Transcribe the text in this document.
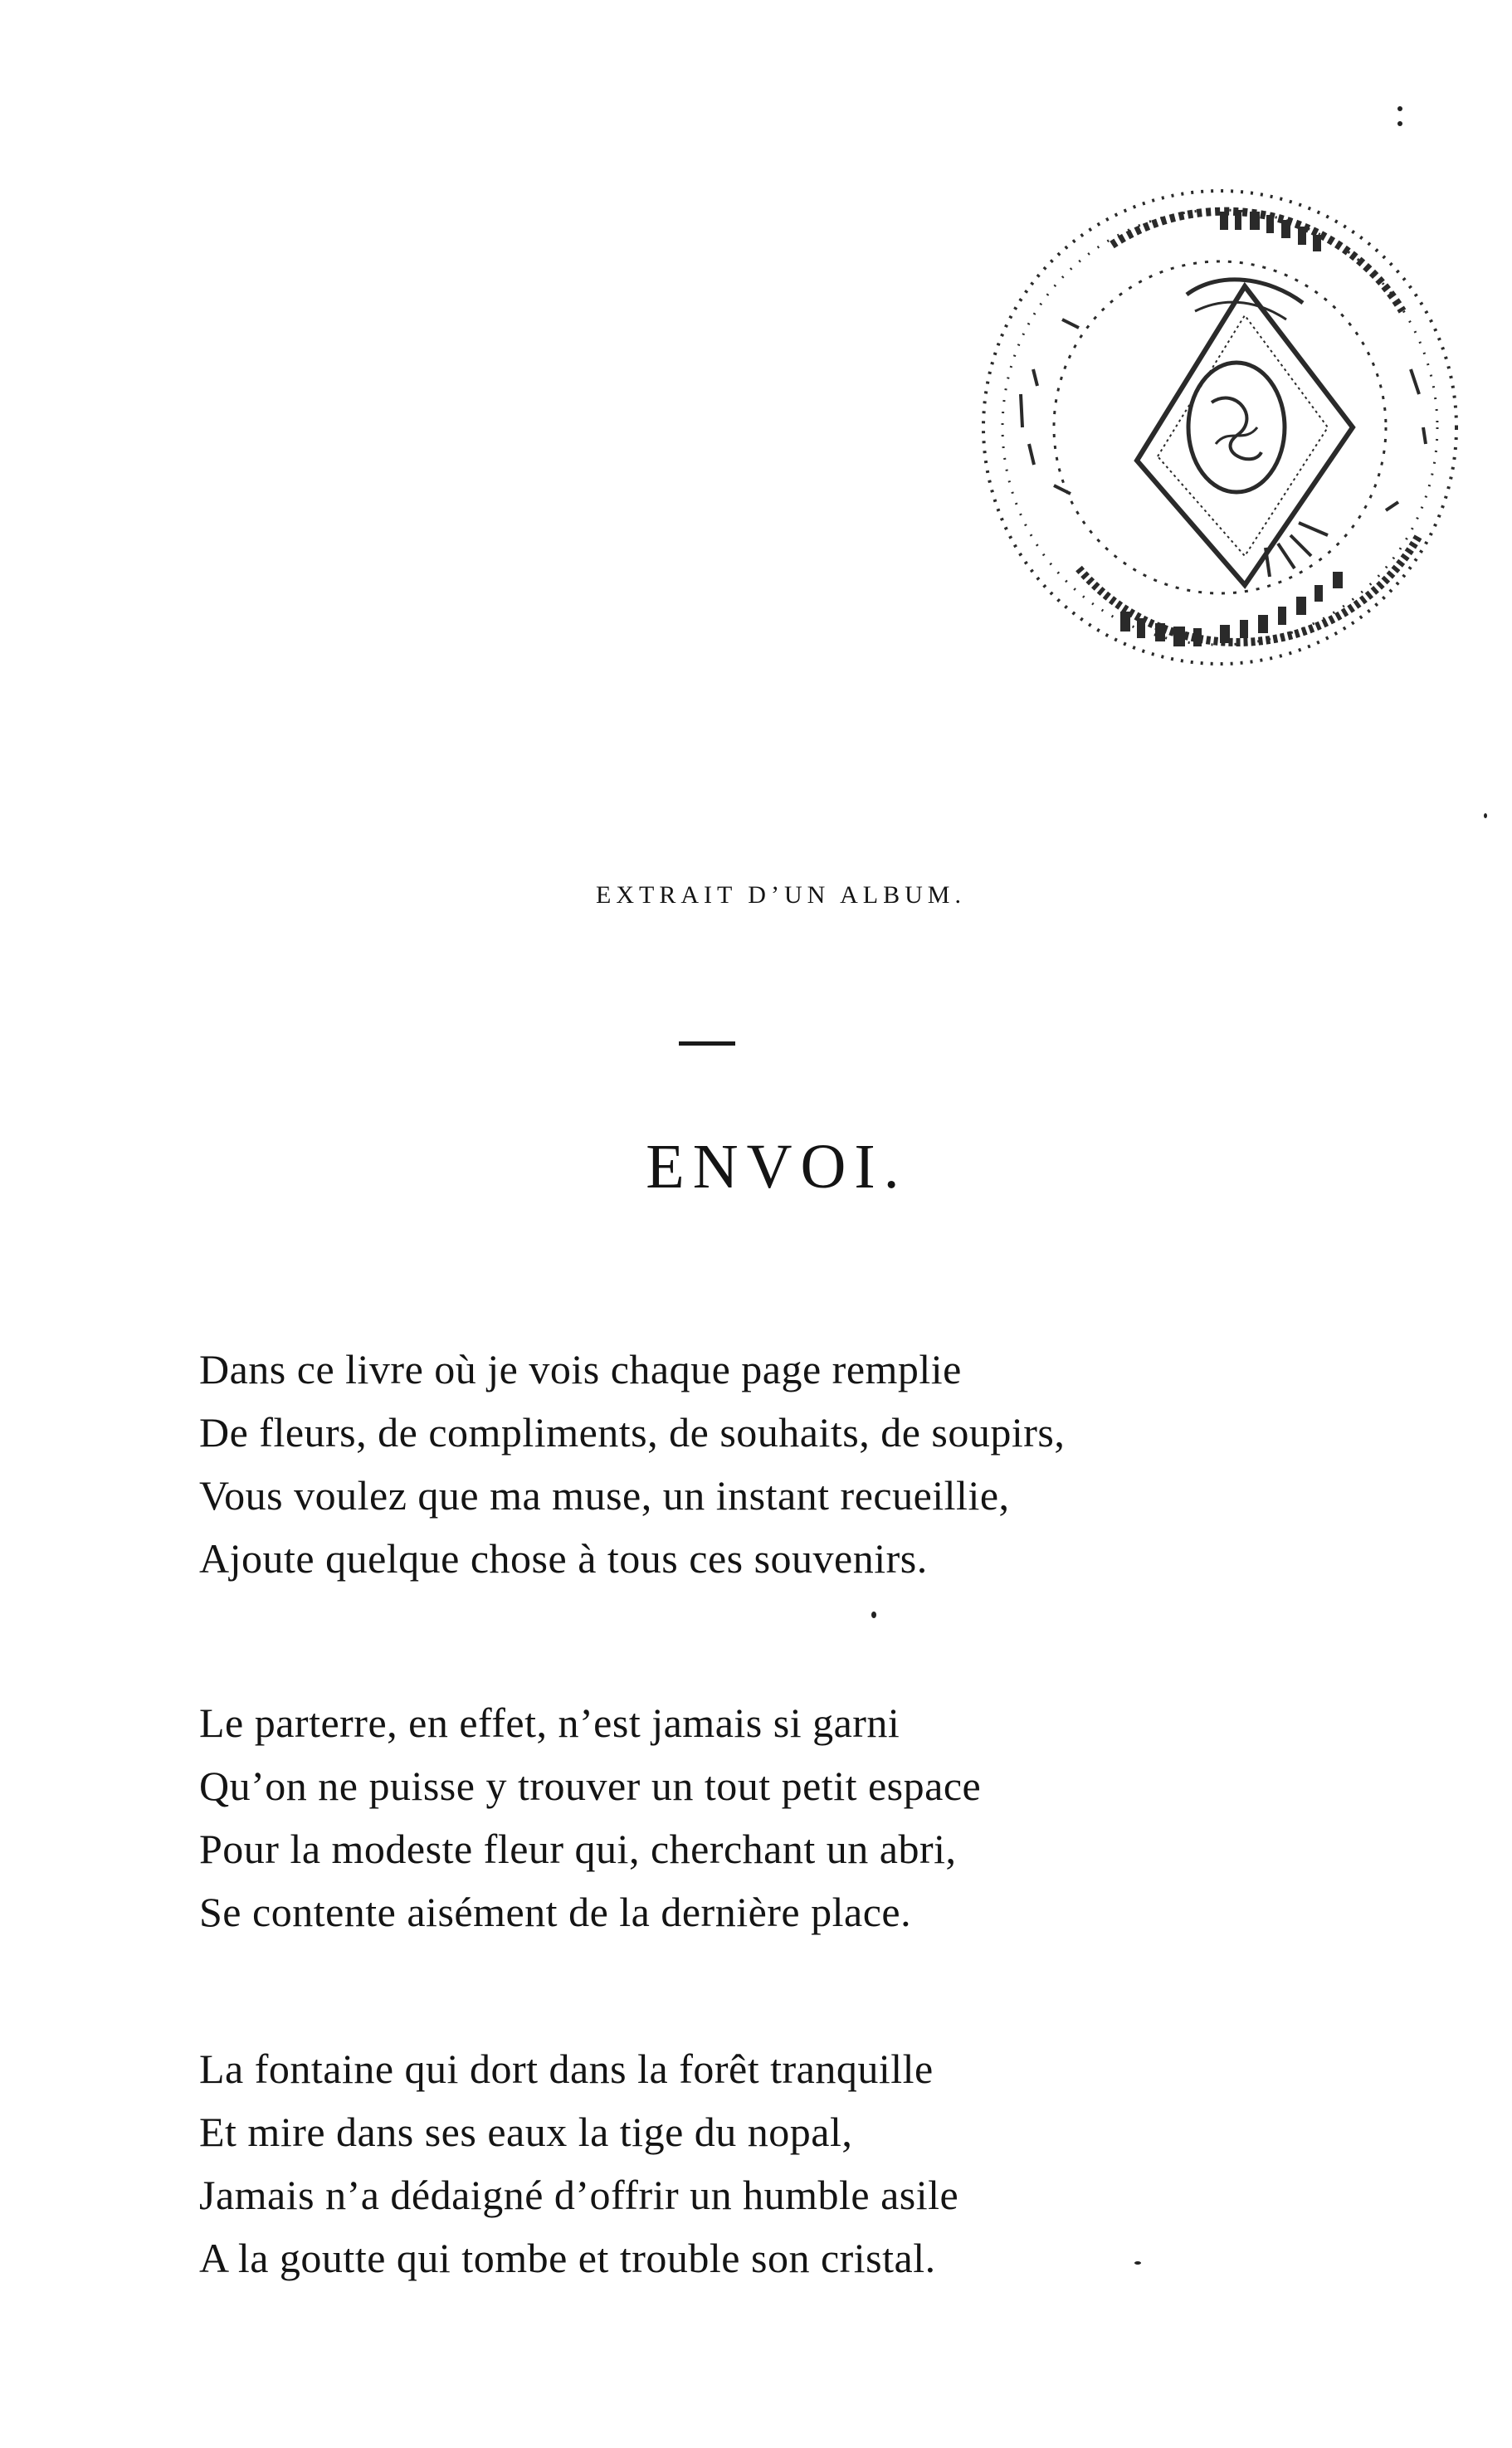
EXTRAIT D’UN ALBUM.
ENVOI.
Dans ce livre où je vois chaque page remplie
De fleurs, de compliments, de souhaits, de soupirs,
Vous voulez que ma muse, un instant recueillie,
Ajoute quelque chose à tous ces souvenirs.
Le parterre, en effet, n’est jamais si garni
Qu’on ne puisse y trouver un tout petit espace
Pour la modeste fleur qui, cherchant un abri,
Se contente aisément de la dernière place.
La fontaine qui dort dans la forêt tranquille
Et mire dans ses eaux la tige du nopal,
Jamais n’a dédaigné d’offrir un humble asile
A la goutte qui tombe et trouble son cristal.
